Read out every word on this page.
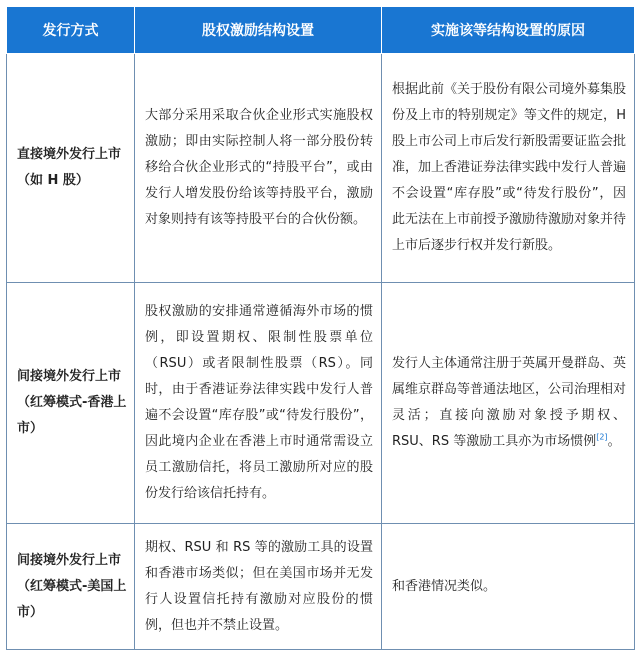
发行方式	股权激励结构设置	实施该等结构设置的原因
直接境外发行上市（如 H 股）	大部分采用采取合伙企业形式实施股权激励；即由实际控制人将一部分股份转移给合伙企业形式的“持股平台”，或由发行人增发股份给该等持股平台，激励对象则持有该等持股平台的合伙份额。	根据此前《关于股份有限公司境外募集股份及上市的特别规定》等文件的规定，H 股上市公司上市后发行新股需要证监会批准，加上香港证券法律实践中发行人普遍不会设置“库存股”或“待发行股份”，因此无法在上市前授予激励待激励对象并待上市后逐步行权并发行新股。
间接境外发行上市（红筹模式-香港上市）	股权激励的安排通常遵循海外市场的惯例，即设置期权、限制性股票单位（RSU）或者限制性股票（RS）。同时，由于香港证券法律实践中发行人普遍不会设置“库存股”或“待发行股份”，因此境内企业在香港上市时通常需设立员工激励信托，将员工激励所对应的股份发行给该信托持有。	发行人主体通常注册于英属开曼群岛、英属维京群岛等普通法地区，公司治理相对灵活；直接向激励对象授予期权、RSU、RS 等激励工具亦为市场惯例[2]。
间接境外发行上市（红筹模式-美国上市）	期权、RSU 和 RS 等的激励工具的设置和香港市场类似；但在美国市场并无发行人设置信托持有激励对应股份的惯例，但也并不禁止设置。	和香港情况类似。
